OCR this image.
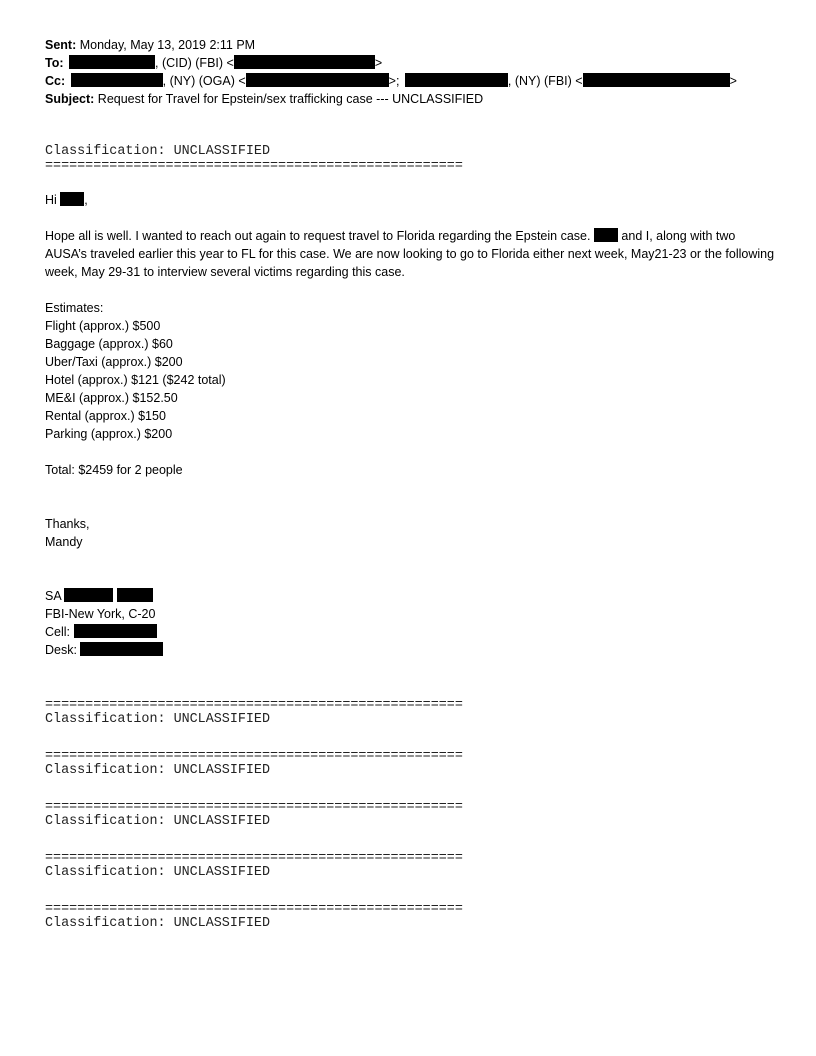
Sent: Monday, May 13, 2019 2:11 PM
To:	, (CID) (FBI) <	>
Cc:	, (NY) (OGA) <	>;	, (NY) (FBI) <	>
Subject: Request for Travel for Epstein/sex trafficking case --- UNCLASSIFIED
Classification: UNCLASSIFIED
====================================================
Hi ,
Hope all is well. I wanted to reach out again to request travel to Florida regarding the Epstein case. and I, along with two AUSA’s traveled earlier this year to FL for this case. We are now looking to go to Florida either next week, May21-23 or the following week, May 29-31 to interview several victims regarding this case.
Estimates:
Flight (approx.) $500
Baggage (approx.) $60
Uber/Taxi (approx.) $200
Hotel (approx.) $121 ($242 total)
ME&I (approx.) $152.50
Rental (approx.) $150
Parking (approx.) $200
Total: $2459 for 2 people
Thanks,
Mandy
SA
FBI-New York, C-20
Cell:
Desk:
====================================================
Classification: UNCLASSIFIED
====================================================
Classification: UNCLASSIFIED
====================================================
Classification: UNCLASSIFIED
====================================================
Classification: UNCLASSIFIED
====================================================
Classification: UNCLASSIFIED
